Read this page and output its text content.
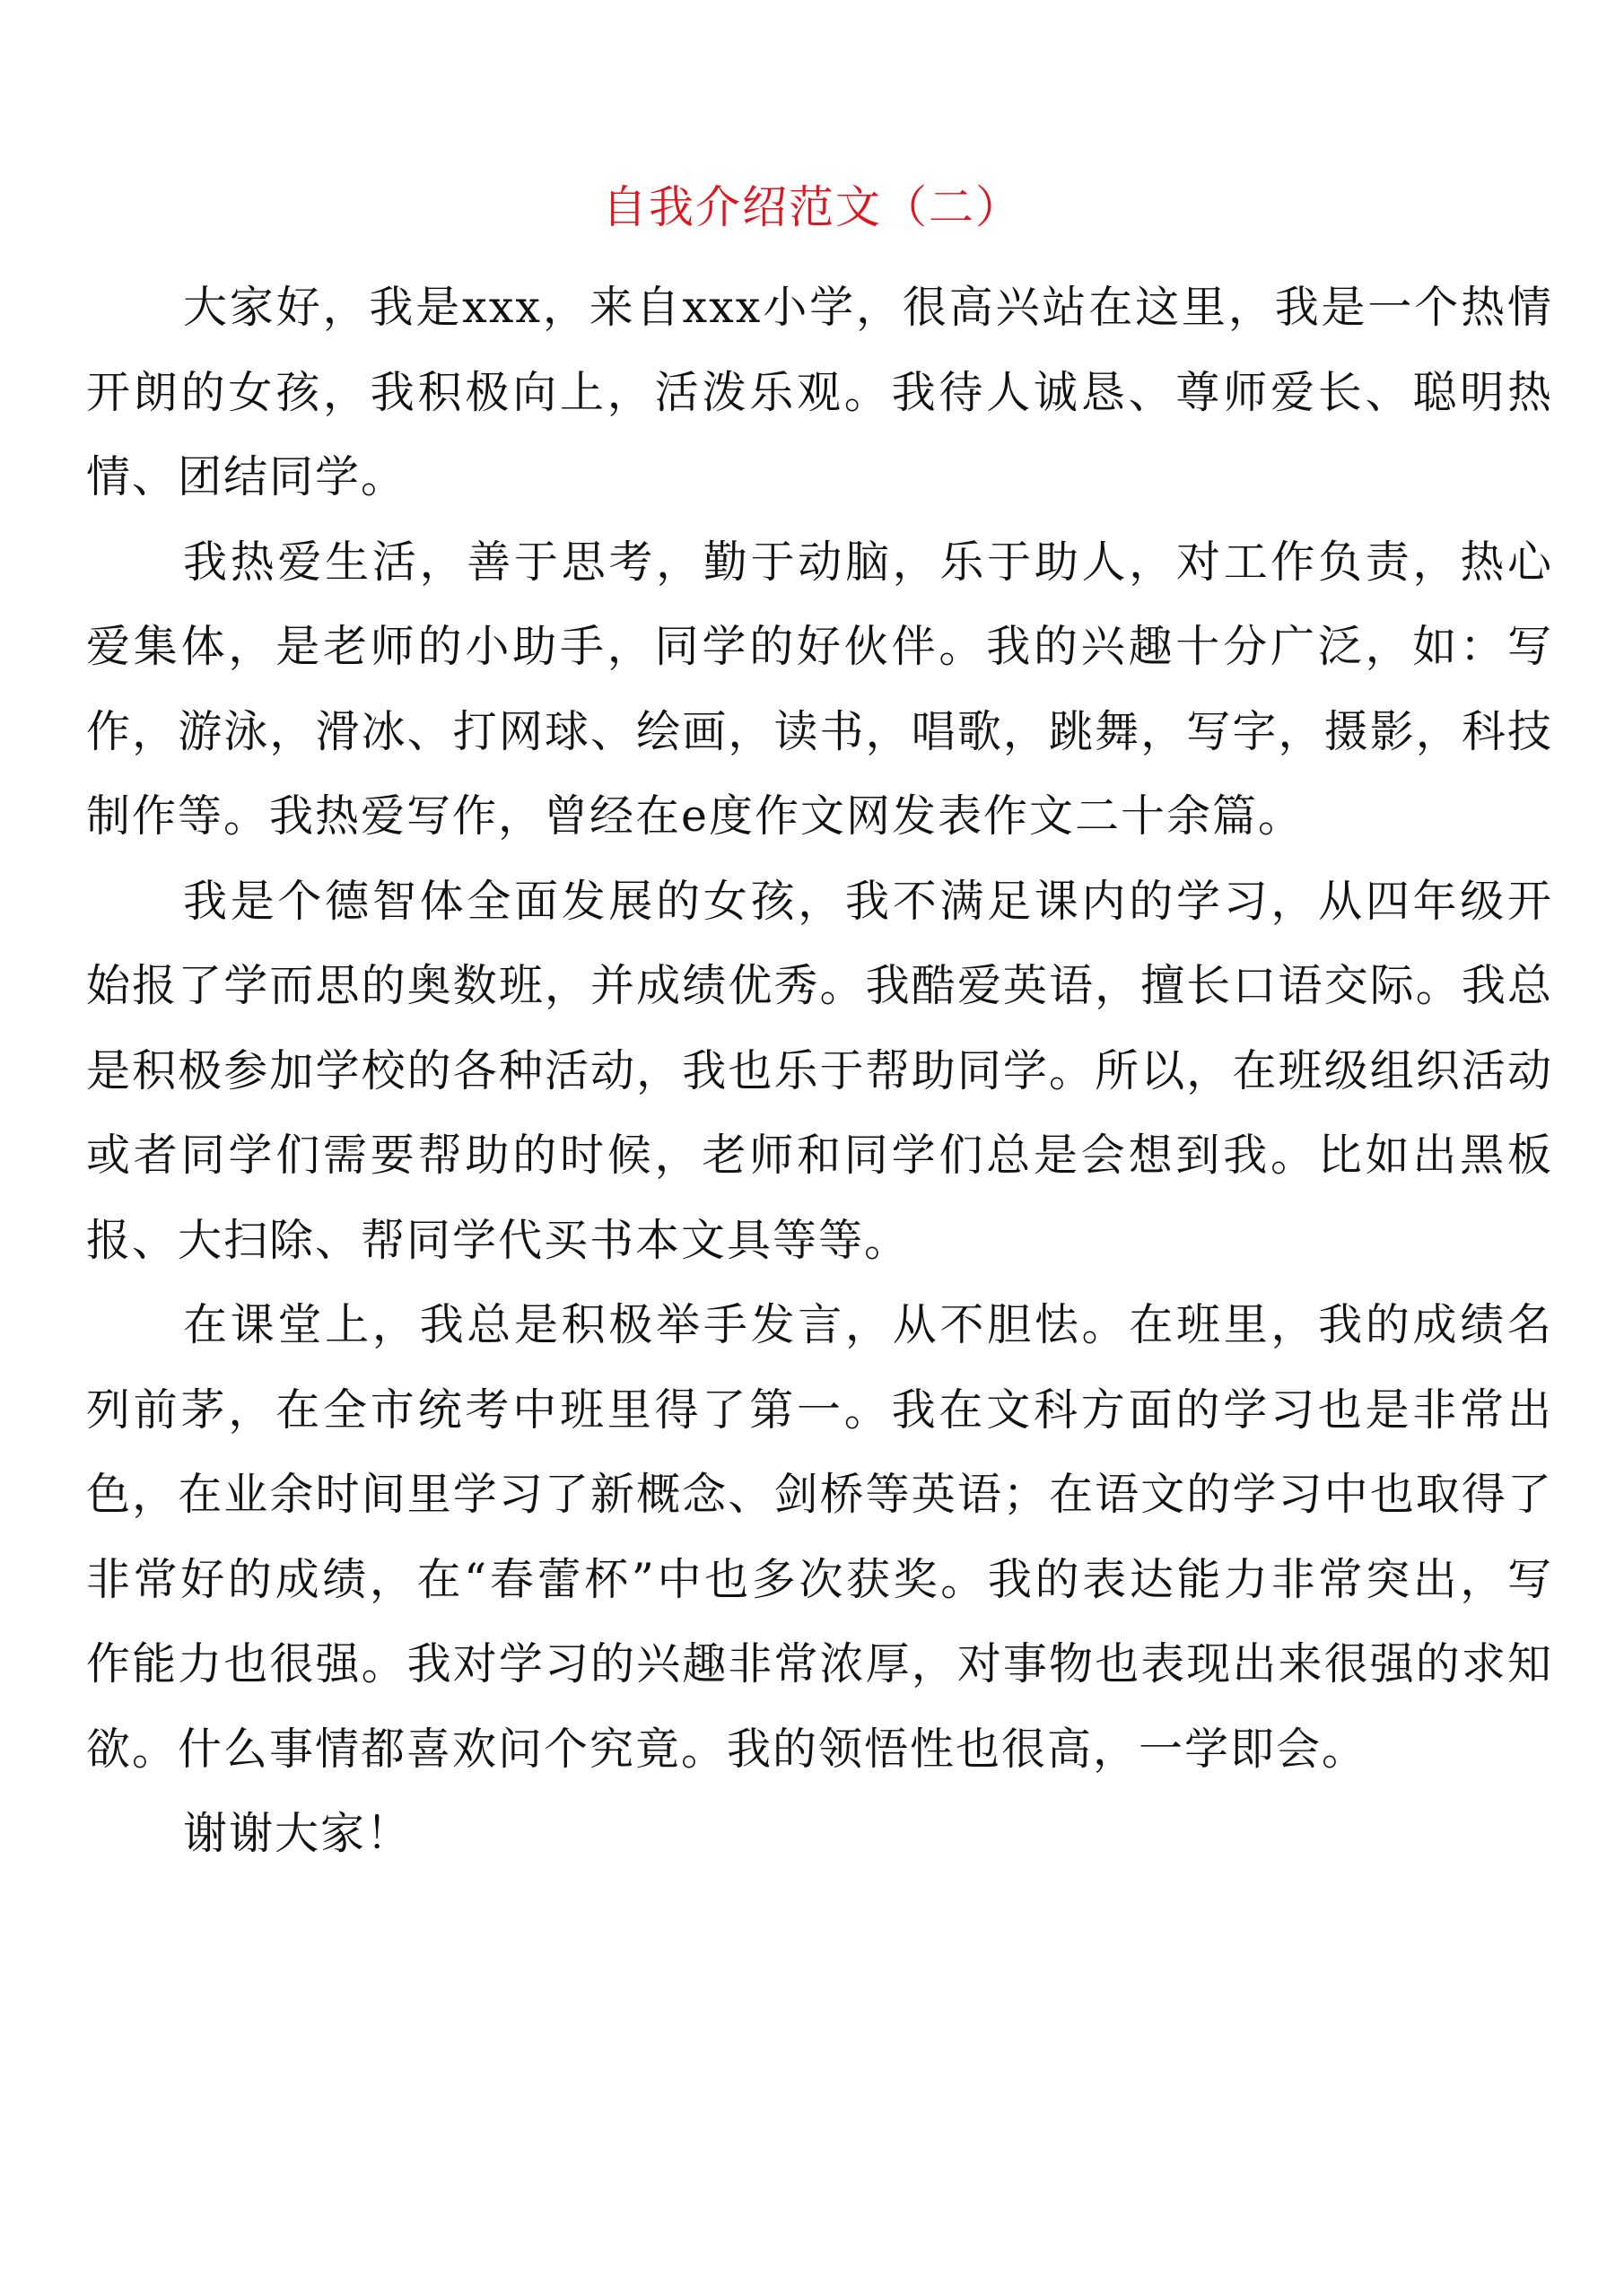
自我介绍范文（二）

大家好，我是xxx，来自xxx小学，很高兴站在这里，我是一个热情开朗的女孩，我积极向上，活泼乐观。我待人诚恳、尊师爱长、聪明热情、团结同学。

我热爱生活，善于思考，勤于动脑，乐于助人，对工作负责，热心爱集体，是老师的小助手，同学的好伙伴。我的兴趣十分广泛，如：写作，游泳，滑冰、打网球、绘画，读书，唱歌，跳舞，写字，摄影，科技制作等。我热爱写作，曾经在e度作文网发表作文二十余篇。

我是个德智体全面发展的女孩，我不满足课内的学习，从四年级开始报了学而思的奥数班，并成绩优秀。我酷爱英语，擅长口语交际。我总是积极参加学校的各种活动，我也乐于帮助同学。所以，在班级组织活动或者同学们需要帮助的时候，老师和同学们总是会想到我。比如出黑板报、大扫除、帮同学代买书本文具等等。

在课堂上，我总是积极举手发言，从不胆怯。在班里，我的成绩名列前茅，在全市统考中班里得了第一。我在文科方面的学习也是非常出色，在业余时间里学习了新概念、剑桥等英语；在语文的学习中也取得了非常好的成绩，在“春蕾杯”中也多次获奖。我的表达能力非常突出，写作能力也很强。我对学习的兴趣非常浓厚，对事物也表现出来很强的求知欲。什么事情都喜欢问个究竟。我的领悟性也很高，一学即会。

谢谢大家！
